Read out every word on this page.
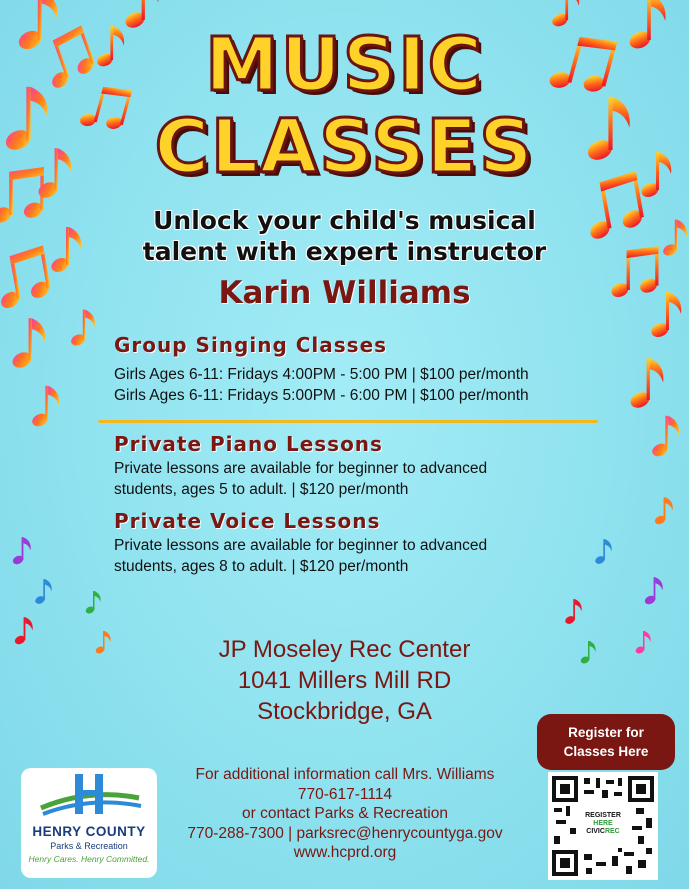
MUSIC
CLASSES
Unlock your child's musical
talent with expert instructor
Karin Williams
Group Singing Classes
Girls Ages 6-11: Fridays 4:00PM - 5:00 PM | $100 per/month
Girls Ages 6-11: Fridays 5:00PM - 6:00 PM | $100 per/month
Private Piano Lessons
Private lessons are available for beginner to advanced
students, ages 5 to adult. | $120 per/month
Private Voice Lessons
Private lessons are available for beginner to advanced
students, ages 8 to adult. | $120 per/month
JP Moseley Rec Center
1041 Millers Mill RD
Stockbridge, GA
For additional information call Mrs. Williams
770-617-1114
or contact Parks & Recreation
770-288-7300 | parksrec@henrycountyga.gov
www.hcprd.org
Register for
Classes Here
REGISTER
HERE
CIVICREC
HENRY COUNTY
Parks & Recreation
Henry Cares. Henry Committed.
